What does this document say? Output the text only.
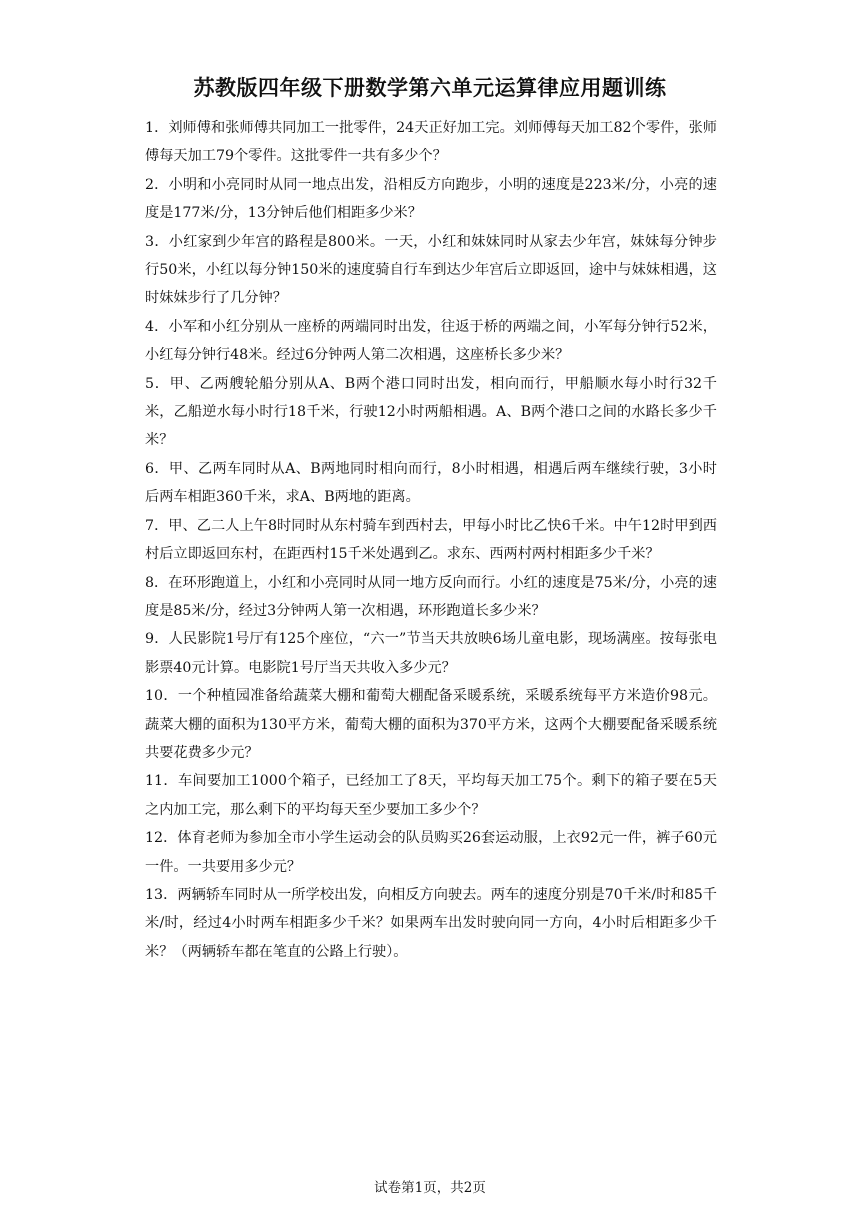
苏教版四年级下册数学第六单元运算律应用题训练
1．刘师傅和张师傅共同加工一批零件，24天正好加工完。刘师傅每天加工82个零件，张师傅每天加工79个零件。这批零件一共有多少个？
2．小明和小亮同时从同一地点出发，沿相反方向跑步，小明的速度是223米/分，小亮的速度是177米/分，13分钟后他们相距多少米？
3．小红家到少年宫的路程是800米。一天，小红和妹妹同时从家去少年宫，妹妹每分钟步行50米，小红以每分钟150米的速度骑自行车到达少年宫后立即返回，途中与妹妹相遇，这时妹妹步行了几分钟？
4．小军和小红分别从一座桥的两端同时出发，往返于桥的两端之间，小军每分钟行52米，小红每分钟行48米。经过6分钟两人第二次相遇，这座桥长多少米？
5．甲、乙两艘轮船分别从A、B两个港口同时出发，相向而行，甲船顺水每小时行32千米，乙船逆水每小时行18千米，行驶12小时两船相遇。A、B两个港口之间的水路长多少千米？
6．甲、乙两车同时从A、B两地同时相向而行，8小时相遇，相遇后两车继续行驶，3小时后两车相距360千米，求A、B两地的距离。
7．甲、乙二人上午8时同时从东村骑车到西村去，甲每小时比乙快6千米。中午12时甲到西村后立即返回东村，在距西村15千米处遇到乙。求东、西两村两村相距多少千米？
8．在环形跑道上，小红和小亮同时从同一地方反向而行。小红的速度是75米/分，小亮的速度是85米/分，经过3分钟两人第一次相遇，环形跑道长多少米？
9．人民影院1号厅有125个座位，“六一”节当天共放映6场儿童电影，现场满座。按每张电影票40元计算。电影院1号厅当天共收入多少元？
10．一个种植园准备给蔬菜大棚和葡萄大棚配备采暖系统，采暖系统每平方米造价98元。蔬菜大棚的面积为130平方米，葡萄大棚的面积为370平方米，这两个大棚要配备采暖系统共要花费多少元？
11．车间要加工1000个箱子，已经加工了8天，平均每天加工75个。剩下的箱子要在5天之内加工完，那么剩下的平均每天至少要加工多少个？
12．体育老师为参加全市小学生运动会的队员购买26套运动服，上衣92元一件，裤子60元一件。一共要用多少元？
13．两辆轿车同时从一所学校出发，向相反方向驶去。两车的速度分别是70千米/时和85千米/时，经过4小时两车相距多少千米？如果两车出发时驶向同一方向，4小时后相距多少千米？（两辆轿车都在笔直的公路上行驶）。
试卷第1页，共2页
